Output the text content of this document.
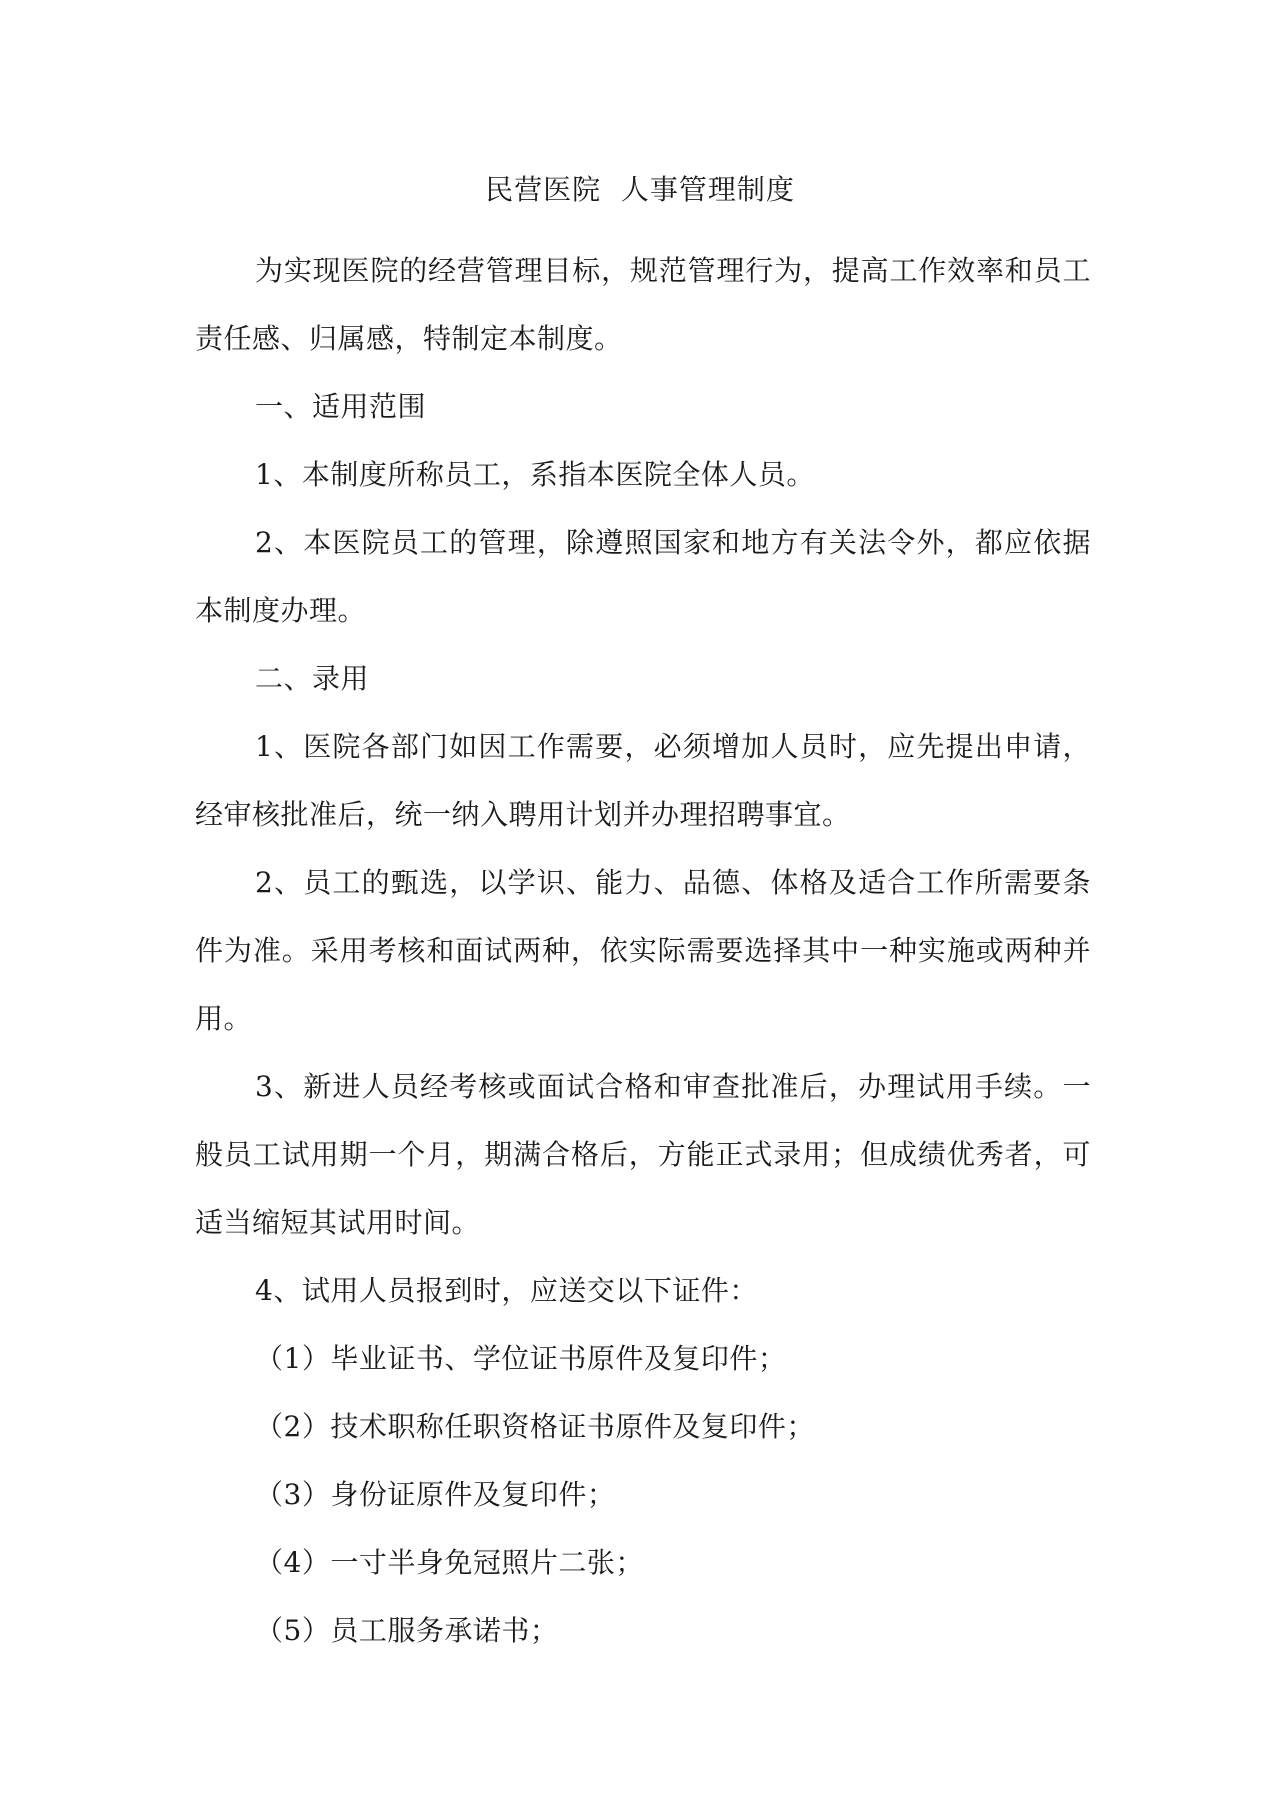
民营医院  人事管理制度

为实现医院的经营管理目标，规范管理行为，提高工作效率和员工责任感、归属感，特制定本制度。

一、适用范围

1、本制度所称员工，系指本医院全体人员。

2、本医院员工的管理，除遵照国家和地方有关法令外，都应依据本制度办理。

二、录用

1、医院各部门如因工作需要，必须增加人员时，应先提出申请，经审核批准后，统一纳入聘用计划并办理招聘事宜。

2、员工的甄选，以学识、能力、品德、体格及适合工作所需要条件为准。采用考核和面试两种，依实际需要选择其中一种实施或两种并用。

3、新进人员经考核或面试合格和审查批准后，办理试用手续。一般员工试用期一个月，期满合格后，方能正式录用；但成绩优秀者，可适当缩短其试用时间。

4、试用人员报到时，应送交以下证件：

（1）毕业证书、学位证书原件及复印件；

（2）技术职称任职资格证书原件及复印件；

（3）身份证原件及复印件；

（4）一寸半身免冠照片二张；

（5）员工服务承诺书；
